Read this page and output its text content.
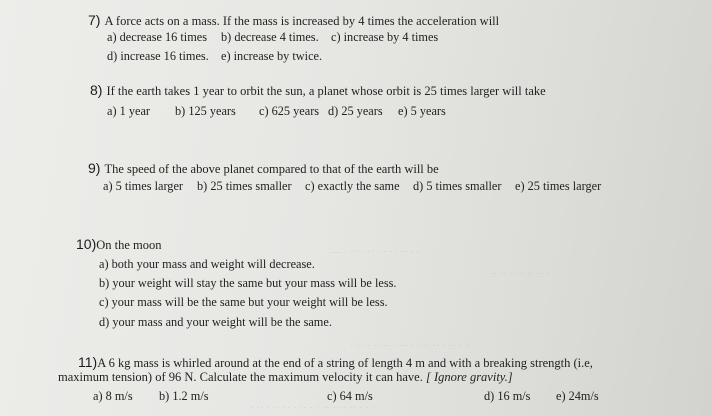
— · ·· · ·· · · ·· ·· · ·
·· ·· ·· · ·· ·· ·
· ·· · ·· ·· · ·· · · ·· ·· · ·· · ·
· ·· · ·· ·· · ·· · · ·· ·· · ·· · · ·
7) A force acts on a mass. If the mass is increased by 4 times the acceleration will
a) decrease 16 times b) decrease 4 times. c) increase by 4 times
d) increase 16 times. e) increase by twice.
8) If the earth takes 1 year to orbit the sun, a planet whose orbit is 25 times larger will take
a) 1 year b) 125 years c) 625 years d) 25 years e) 5 years
9) The speed of the above planet compared to that of the earth will be
a) 5 times larger b) 25 times smaller c) exactly the same d) 5 times smaller e) 25 times larger
10)On the moon
a) both your mass and weight will decrease.
b) your weight will stay the same but your mass will be less.
c) your mass will be the same but your weight will be less.
d) your mass and your weight will be the same.
11)A 6 kg mass is whirled around at the end of a string of length 4 m and with a breaking strength (i.e,
maximum tension) of 96 N. Calculate the maximum velocity it can have. [ Ignore gravity.]
a) 8 m/s b) 1.2 m/s	c) 64 m/s	d) 16 m/s e) 24m/s
